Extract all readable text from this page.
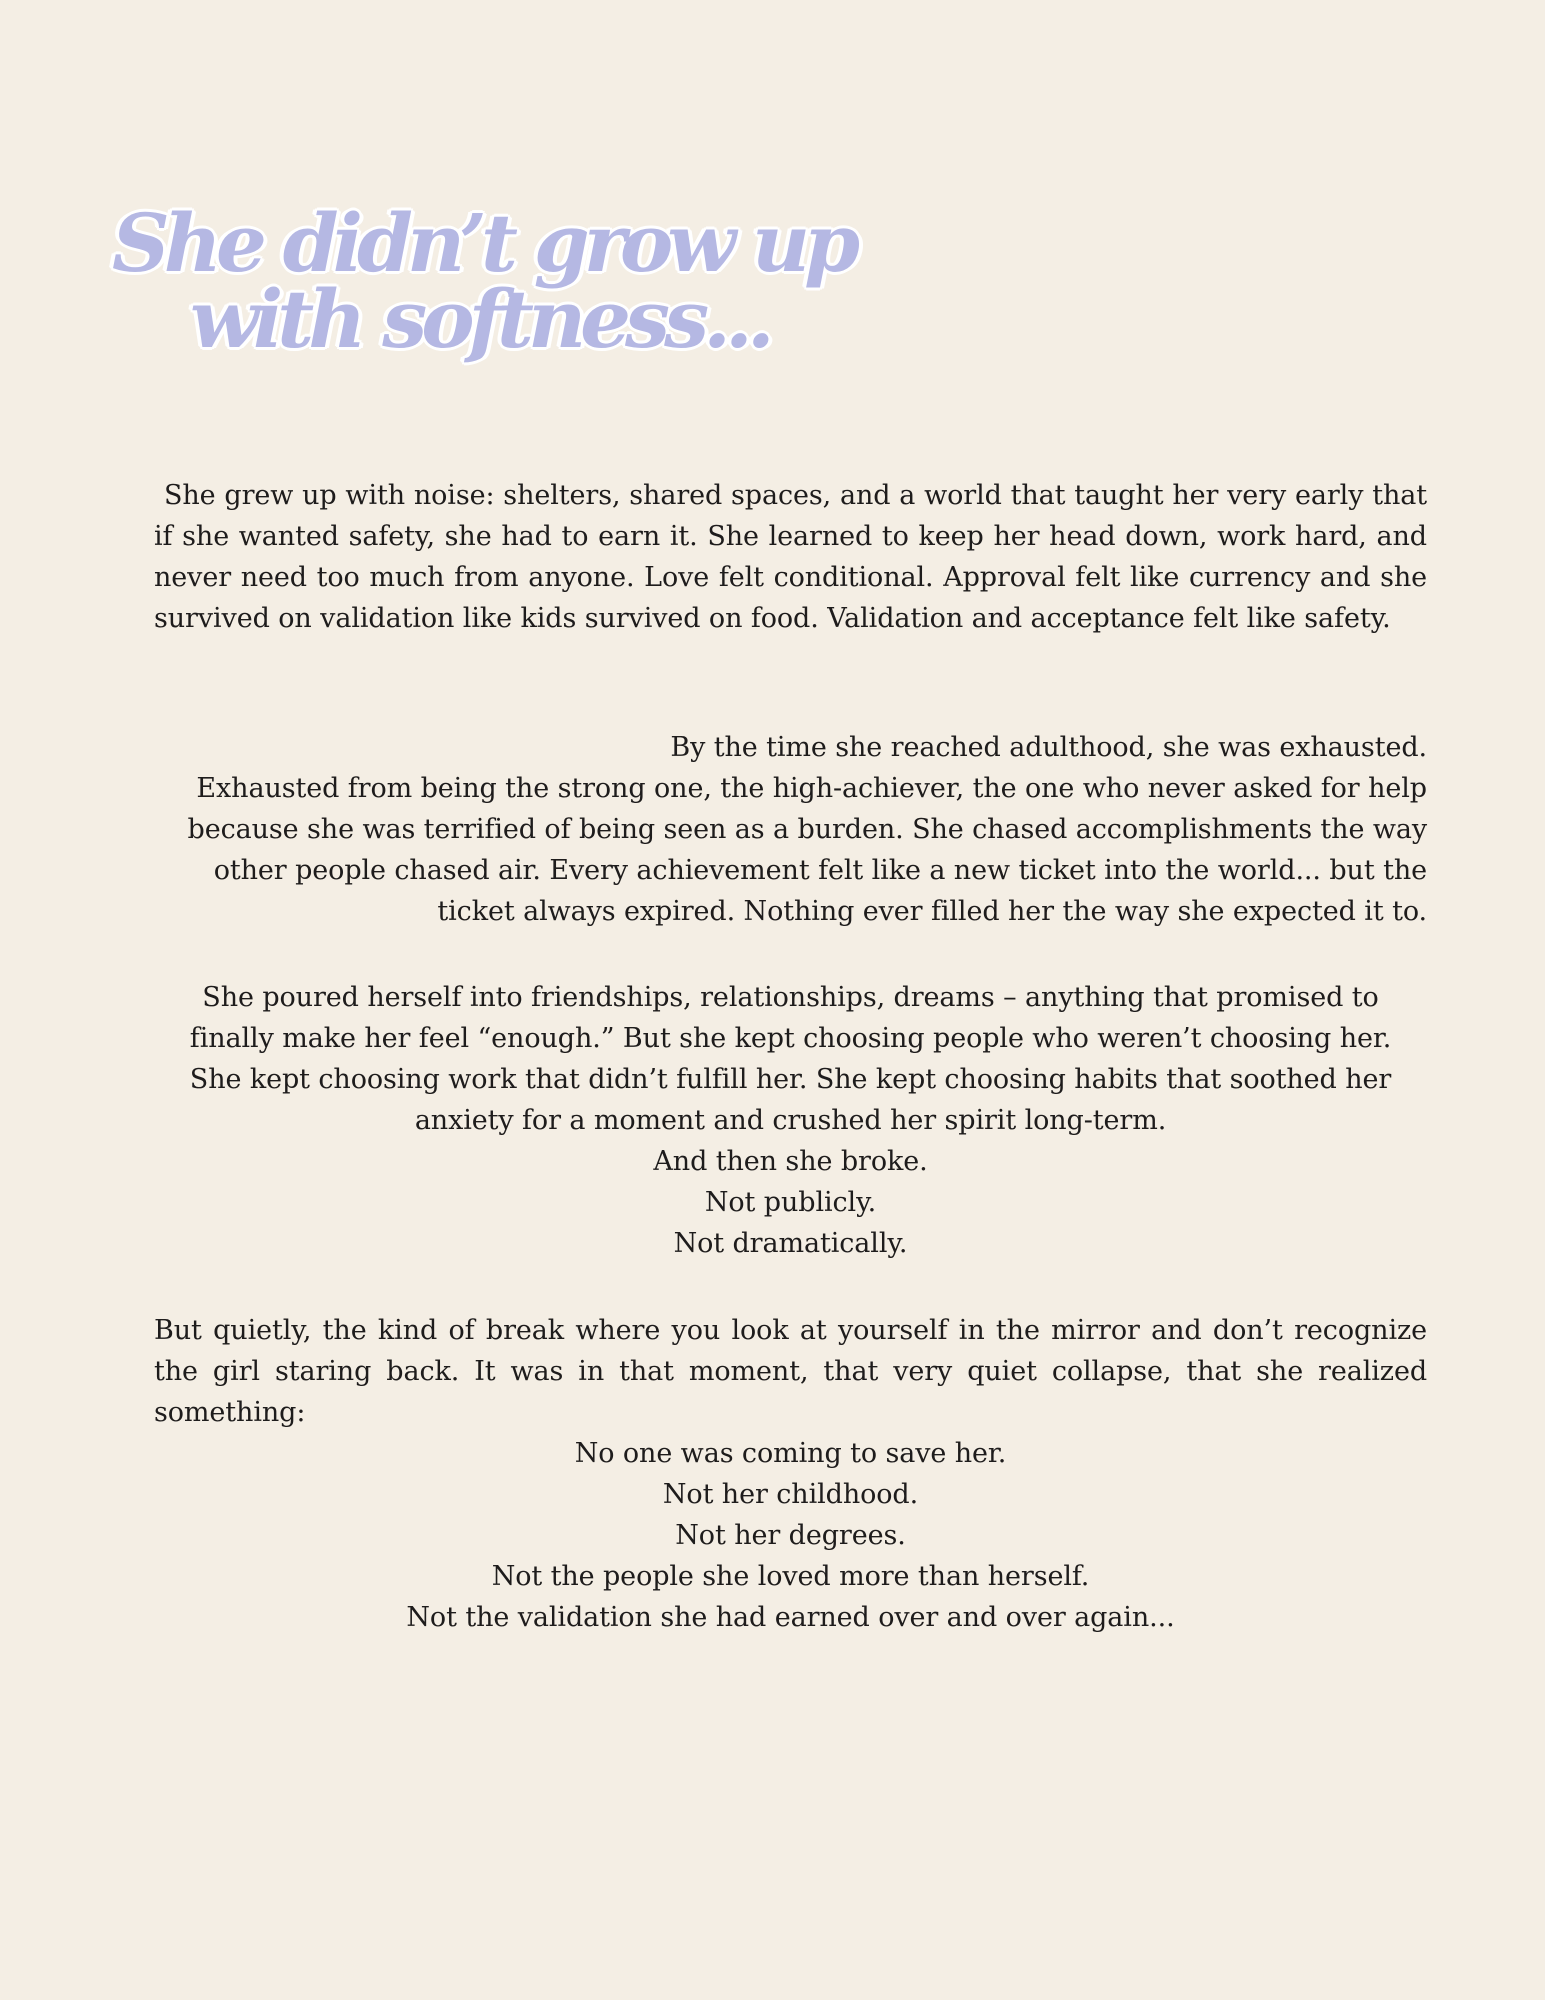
She didn’t grow up
with softness...

She grew up with noise: shelters, shared spaces, and a world that taught her very early that if she wanted safety, she had to earn it. She learned to keep her head down, work hard, and never need too much from anyone. Love felt conditional. Approval felt like currency and she survived on validation like kids survived on food. Validation and acceptance felt like safety.

By the time she reached adulthood, she was exhausted.

Exhausted from being the strong one, the high-achiever, the one who never asked for help

because she was terrified of being seen as a burden. She chased accomplishments the way

other people chased air. Every achievement felt like a new ticket into the world... but the

ticket always expired. Nothing ever filled her the way she expected it to.

She poured herself into friendships, relationships, dreams – anything that promised to

finally make her feel “enough.” But she kept choosing people who weren’t choosing her.

She kept choosing work that didn’t fulfill her. She kept choosing habits that soothed her

anxiety for a moment and crushed her spirit long-term.

And then she broke.

Not publicly.

Not dramatically.

But quietly, the kind of break where you look at yourself in the mirror and don’t recognize the girl staring back. It was in that moment, that very quiet collapse, that she realized something:

No one was coming to save her.

Not her childhood.

Not her degrees.

Not the people she loved more than herself.

Not the validation she had earned over and over again...
